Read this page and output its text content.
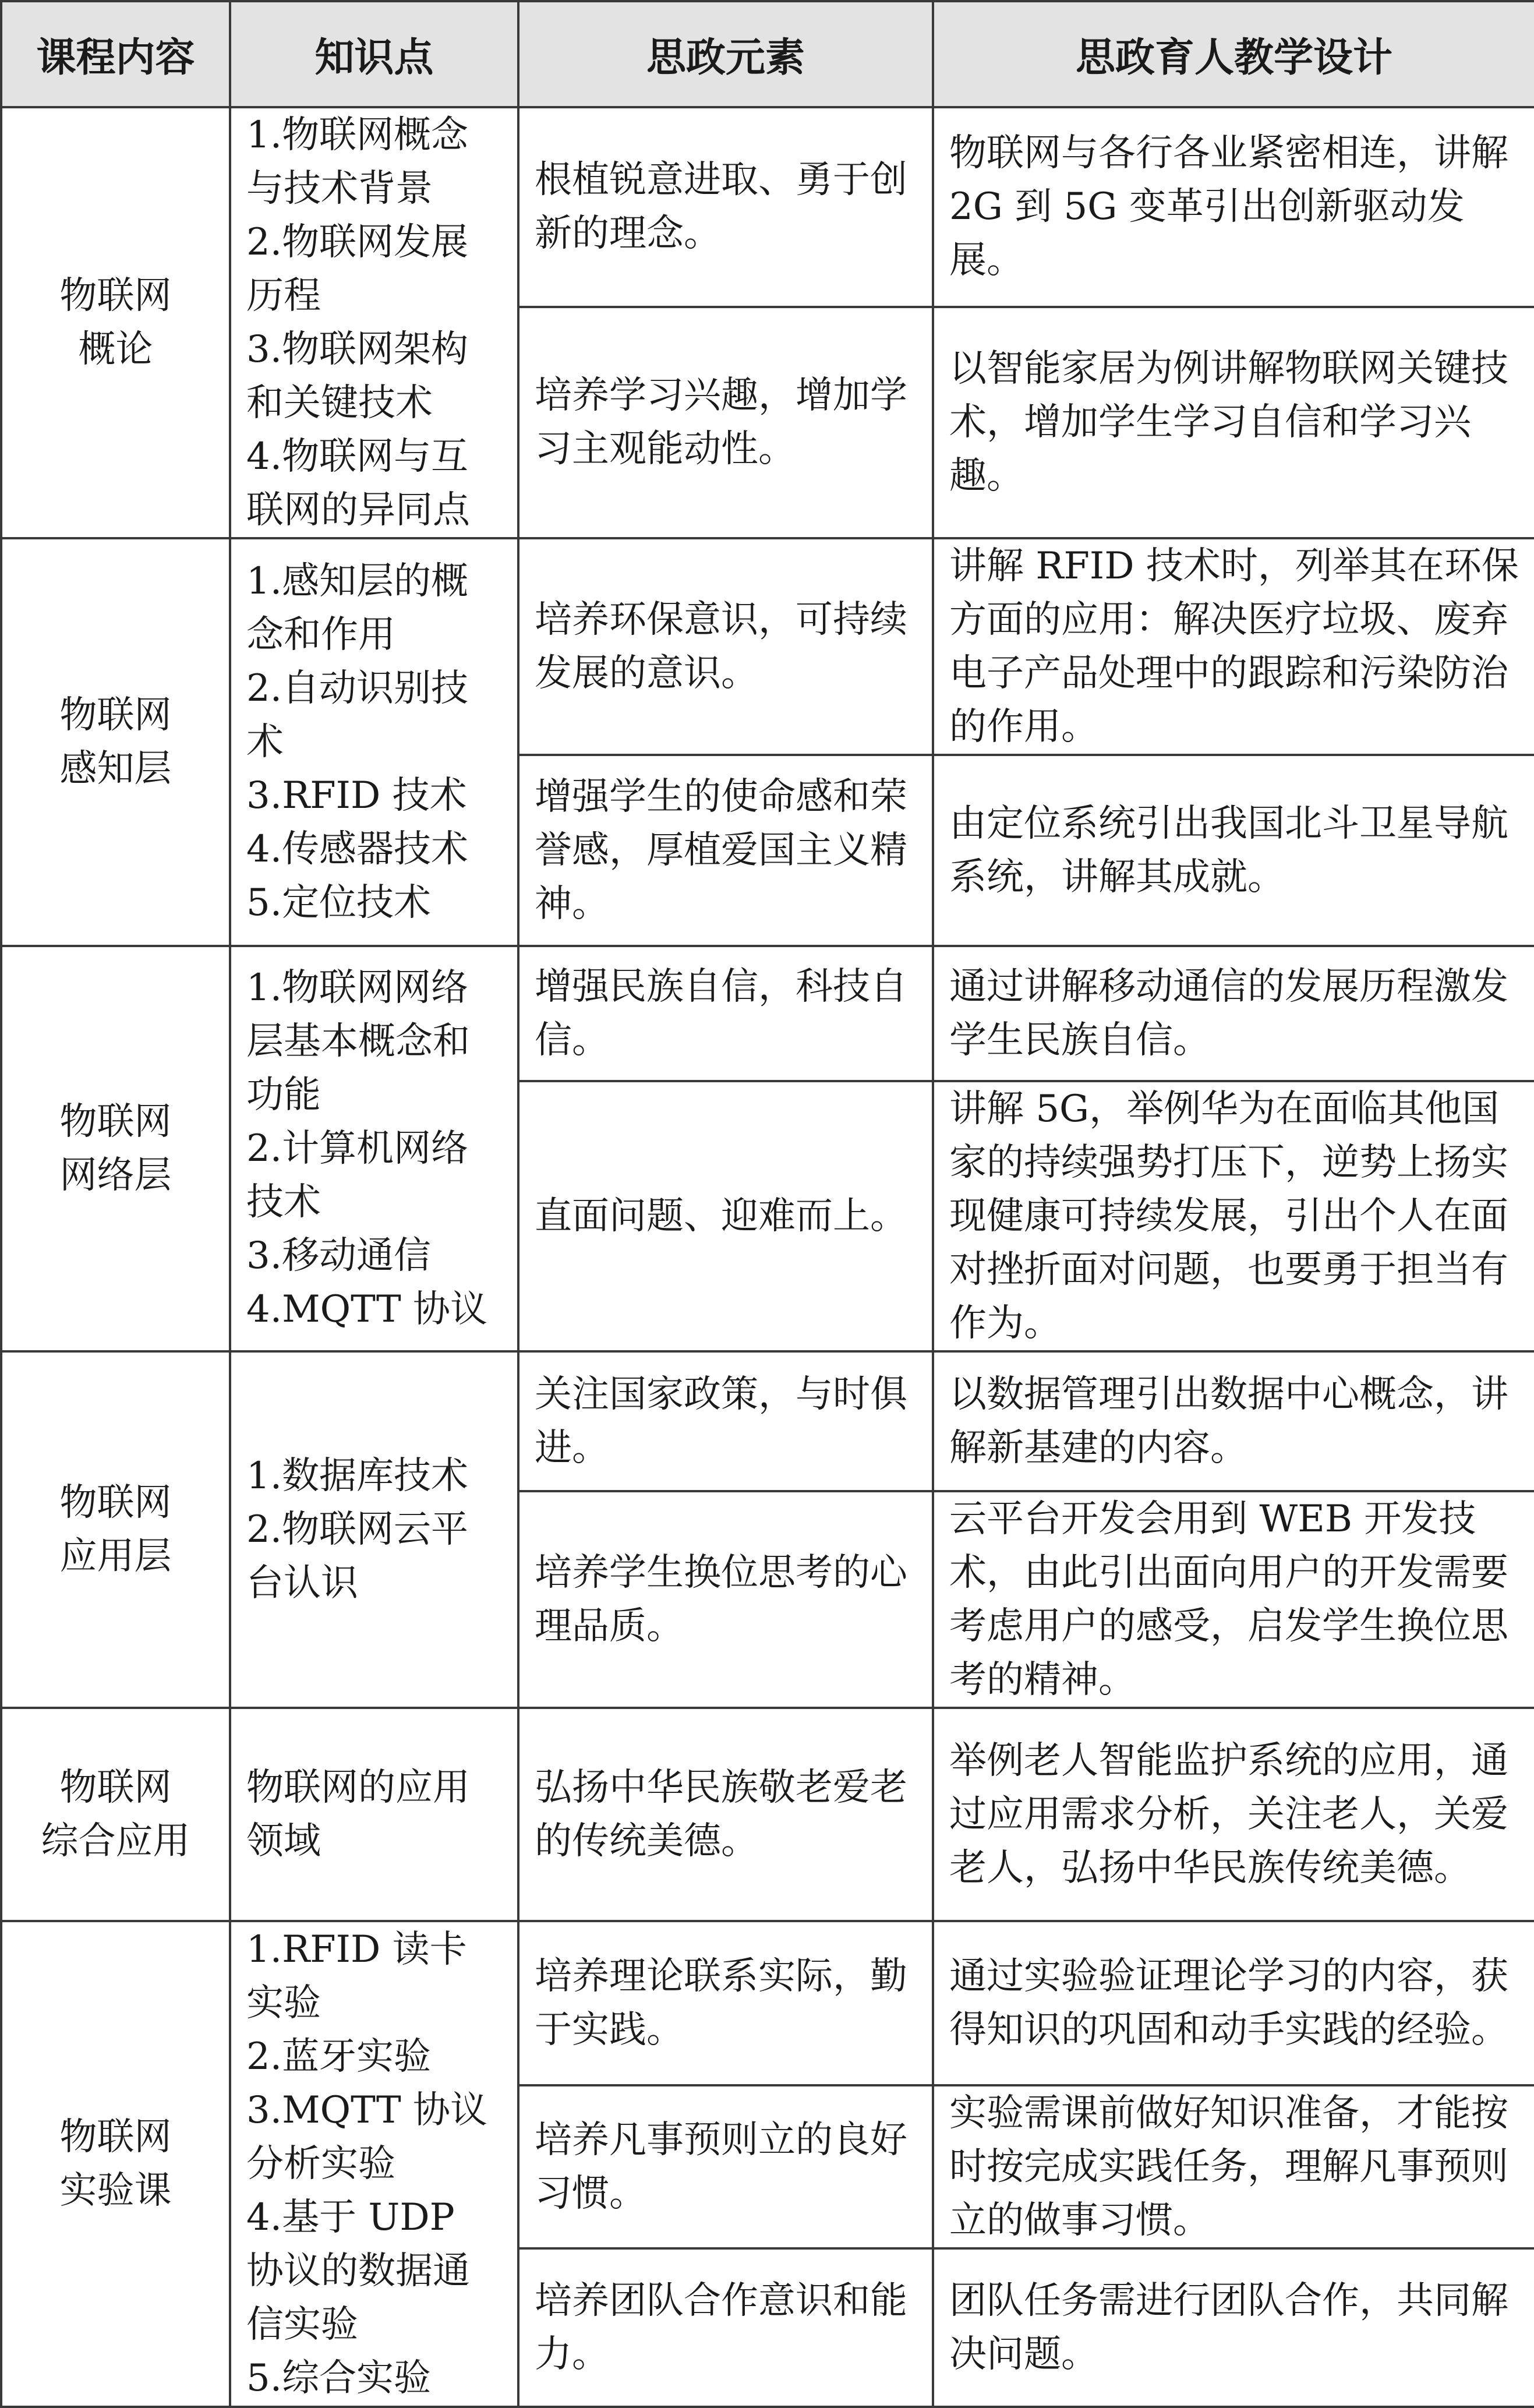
课程内容	知识点	思政元素	思政育人教学设计

物联网
概论	1.物联网概念与技术背景
2.物联网发展历程
3.物联网架构和关键技术
4.物联网与互联网的异同点	根植锐意进取、勇于创新的理念。	物联网与各行各业紧密相连，讲解 2G 到 5G 变革引出创新驱动发展。
		培养学习兴趣，增加学习主观能动性。	以智能家居为例讲解物联网关键技术，增加学生学习自信和学习兴趣。

物联网
感知层	1.感知层的概念和作用
2.自动识别技术
3.RFID 技术
4.传感器技术
5.定位技术	培养环保意识，可持续发展的意识。	讲解 RFID 技术时，列举其在环保方面的应用：解决医疗垃圾、废弃电子产品处理中的跟踪和污染防治的作用。
		增强学生的使命感和荣誉感，厚植爱国主义精神。	由定位系统引出我国北斗卫星导航系统，讲解其成就。

物联网
网络层	1.物联网网络层基本概念和功能
2.计算机网络技术
3.移动通信
4.MQTT 协议	增强民族自信，科技自信。	通过讲解移动通信的发展历程激发学生民族自信。
		直面问题、迎难而上。	讲解 5G，举例华为在面临其他国家的持续强势打压下，逆势上扬实现健康可持续发展，引出个人在面对挫折面对问题，也要勇于担当有作为。

物联网
应用层	1.数据库技术
2.物联网云平台认识	关注国家政策，与时俱进。	以数据管理引出数据中心概念，讲解新基建的内容。
		培养学生换位思考的心理品质。	云平台开发会用到 WEB 开发技术，由此引出面向用户的开发需要考虑用户的感受，启发学生换位思考的精神。

物联网
综合应用	物联网的应用领域	弘扬中华民族敬老爱老的传统美德。	举例老人智能监护系统的应用，通过应用需求分析，关注老人，关爱老人，弘扬中华民族传统美德。

物联网
实验课	1.RFID 读卡实验
2.蓝牙实验
3.MQTT 协议分析实验
4.基于 UDP 协议的数据通信实验
5.综合实验	培养理论联系实际，勤于实践。	通过实验验证理论学习的内容，获得知识的巩固和动手实践的经验。
		培养凡事预则立的良好习惯。	实验需课前做好知识准备，才能按时按完成实践任务，理解凡事预则立的做事习惯。
		培养团队合作意识和能力。	团队任务需进行团队合作，共同解决问题。
